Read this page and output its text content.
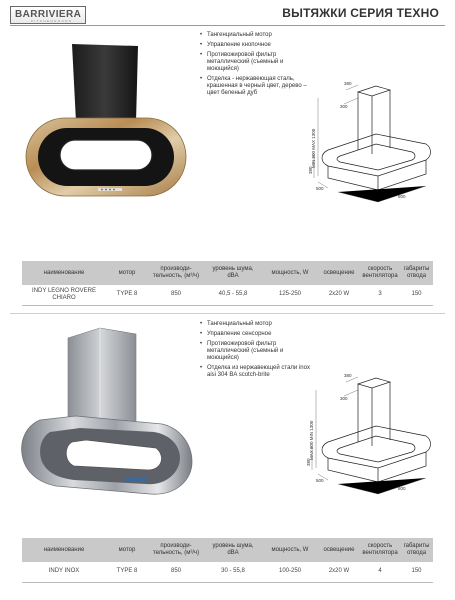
BARRIVIERA
K I T C H E N H O O D S
ВЫТЯЖКИ СЕРИЯ ТЕХНО
• Тангенциальный мотор
• Управление кнопочное
• Противожировой фильтр металлический (съемный и моющийся)
• Отделка - нержавеющая сталь, крашенная в черный цвет, дерево – цвет беленый дуб
380
300
MIN 800 MAX 1300
380
800
500
наименование	мотор	производи-тельность, (м³/ч)	уровень шума, dBA	мощность, W	освещение	скорость вентилятора	габариты отвода
INDY LEGNO ROVERE CHIARO	TYPE 8	850	40,5 - 55,8	125-250	2x20 W	3	150
• Тангенциальный мотор
• Управление сенсорное
• Противожировой фильтр металлический (съемный и моющийся)
• Отделка из нержавеющей стали inox aisi 304 BA scotch-brite	380
300
MAX 800 MIN 1300
380
800
500
наименование	мотор	производи-тельность, (м³/ч)	уровень шума, dBA	мощность, W	освещение	скорость вентилятора	габариты отвода
INDY INOX	TYPE 8	850	30 - 55,8	100-250	2x20 W	4	150
